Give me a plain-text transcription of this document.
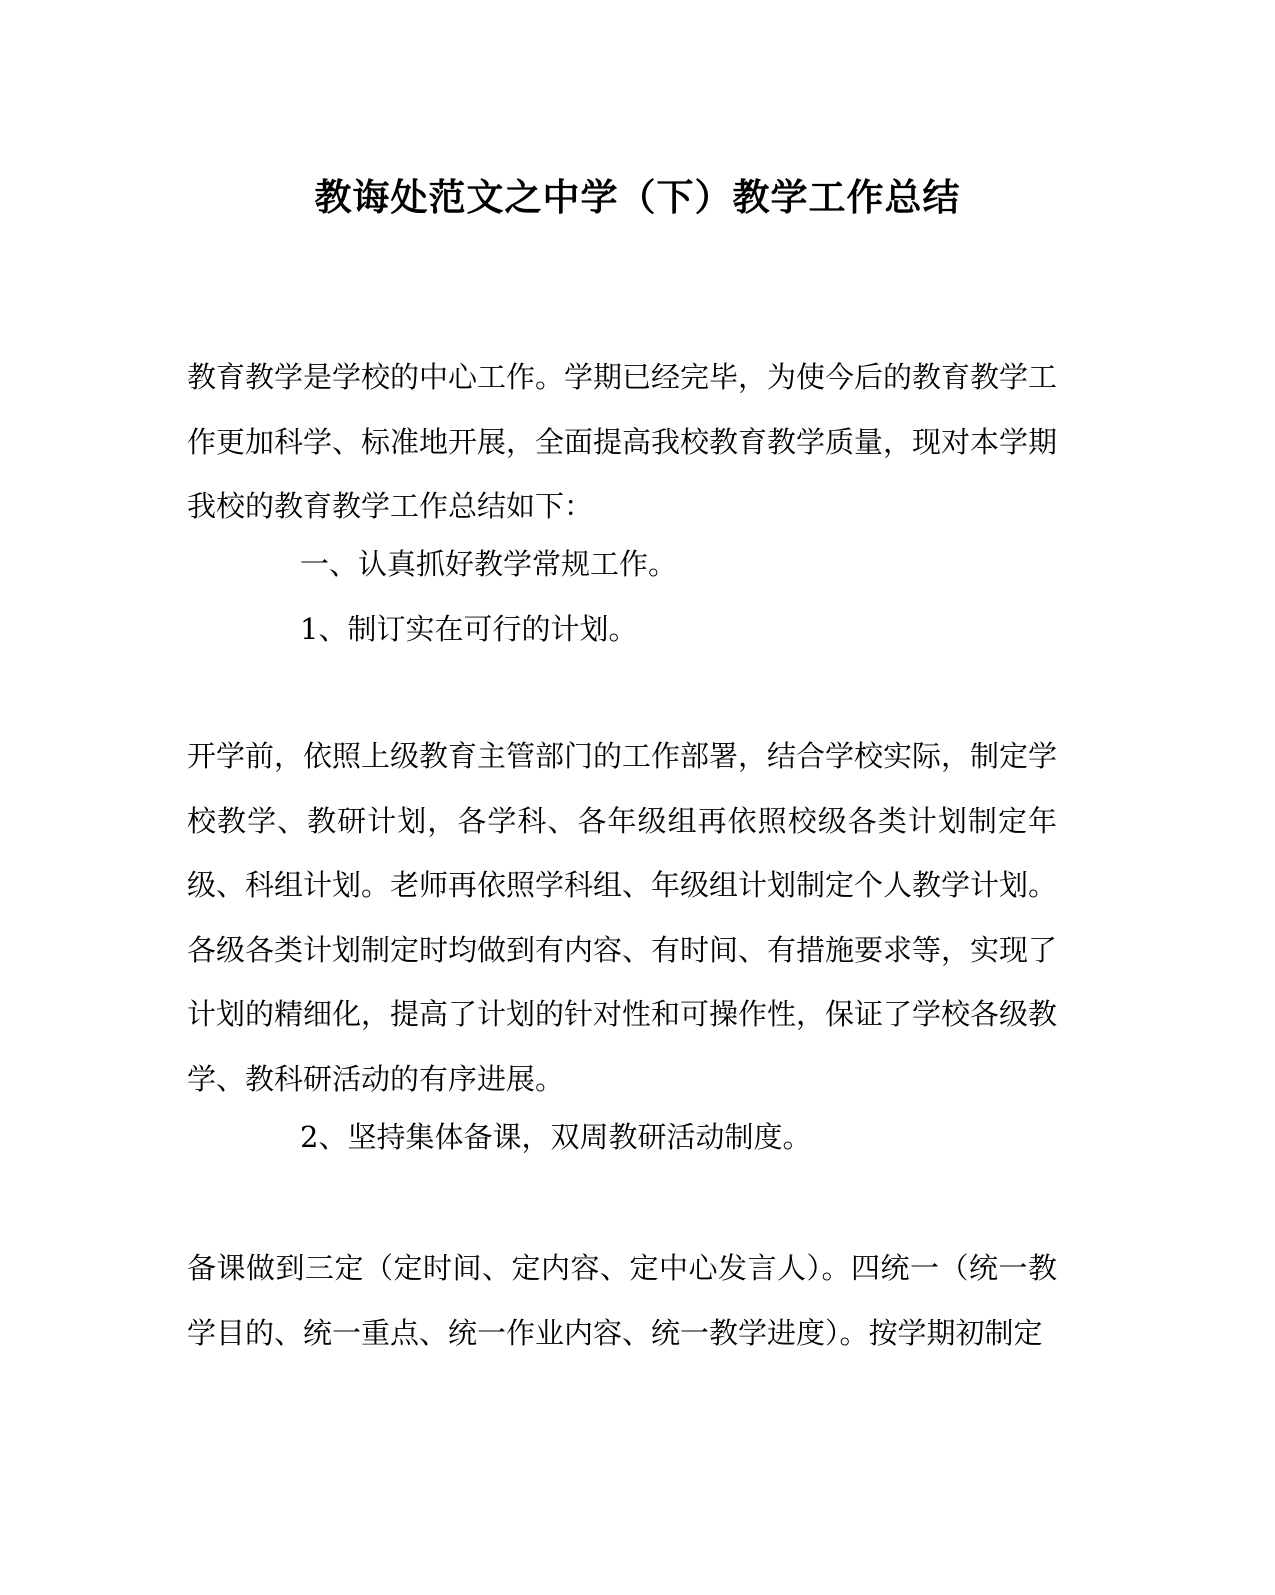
教诲处范文之中学（下）教学工作总结

教育教学是学校的中心工作。学期已经完毕，为使今后的教育教学工作更加科学、标准地开展，全面提高我校教育教学质量，现对本学期我校的教育教学工作总结如下：

一、认真抓好教学常规工作。

1、制订实在可行的计划。

开学前，依照上级教育主管部门的工作部署，结合学校实际，制定学校教学、教研计划，各学科、各年级组再依照校级各类计划制定年级、科组计划。老师再依照学科组、年级组计划制定个人教学计划。各级各类计划制定时均做到有内容、有时间、有措施要求等，实现了计划的精细化，提高了计划的针对性和可操作性，保证了学校各级教学、教科研活动的有序进展。

2、坚持集体备课，双周教研活动制度。

备课做到三定（定时间、定内容、定中心发言人）。四统一（统一教学目的、统一重点、统一作业内容、统一教学进度）。按学期初制定
